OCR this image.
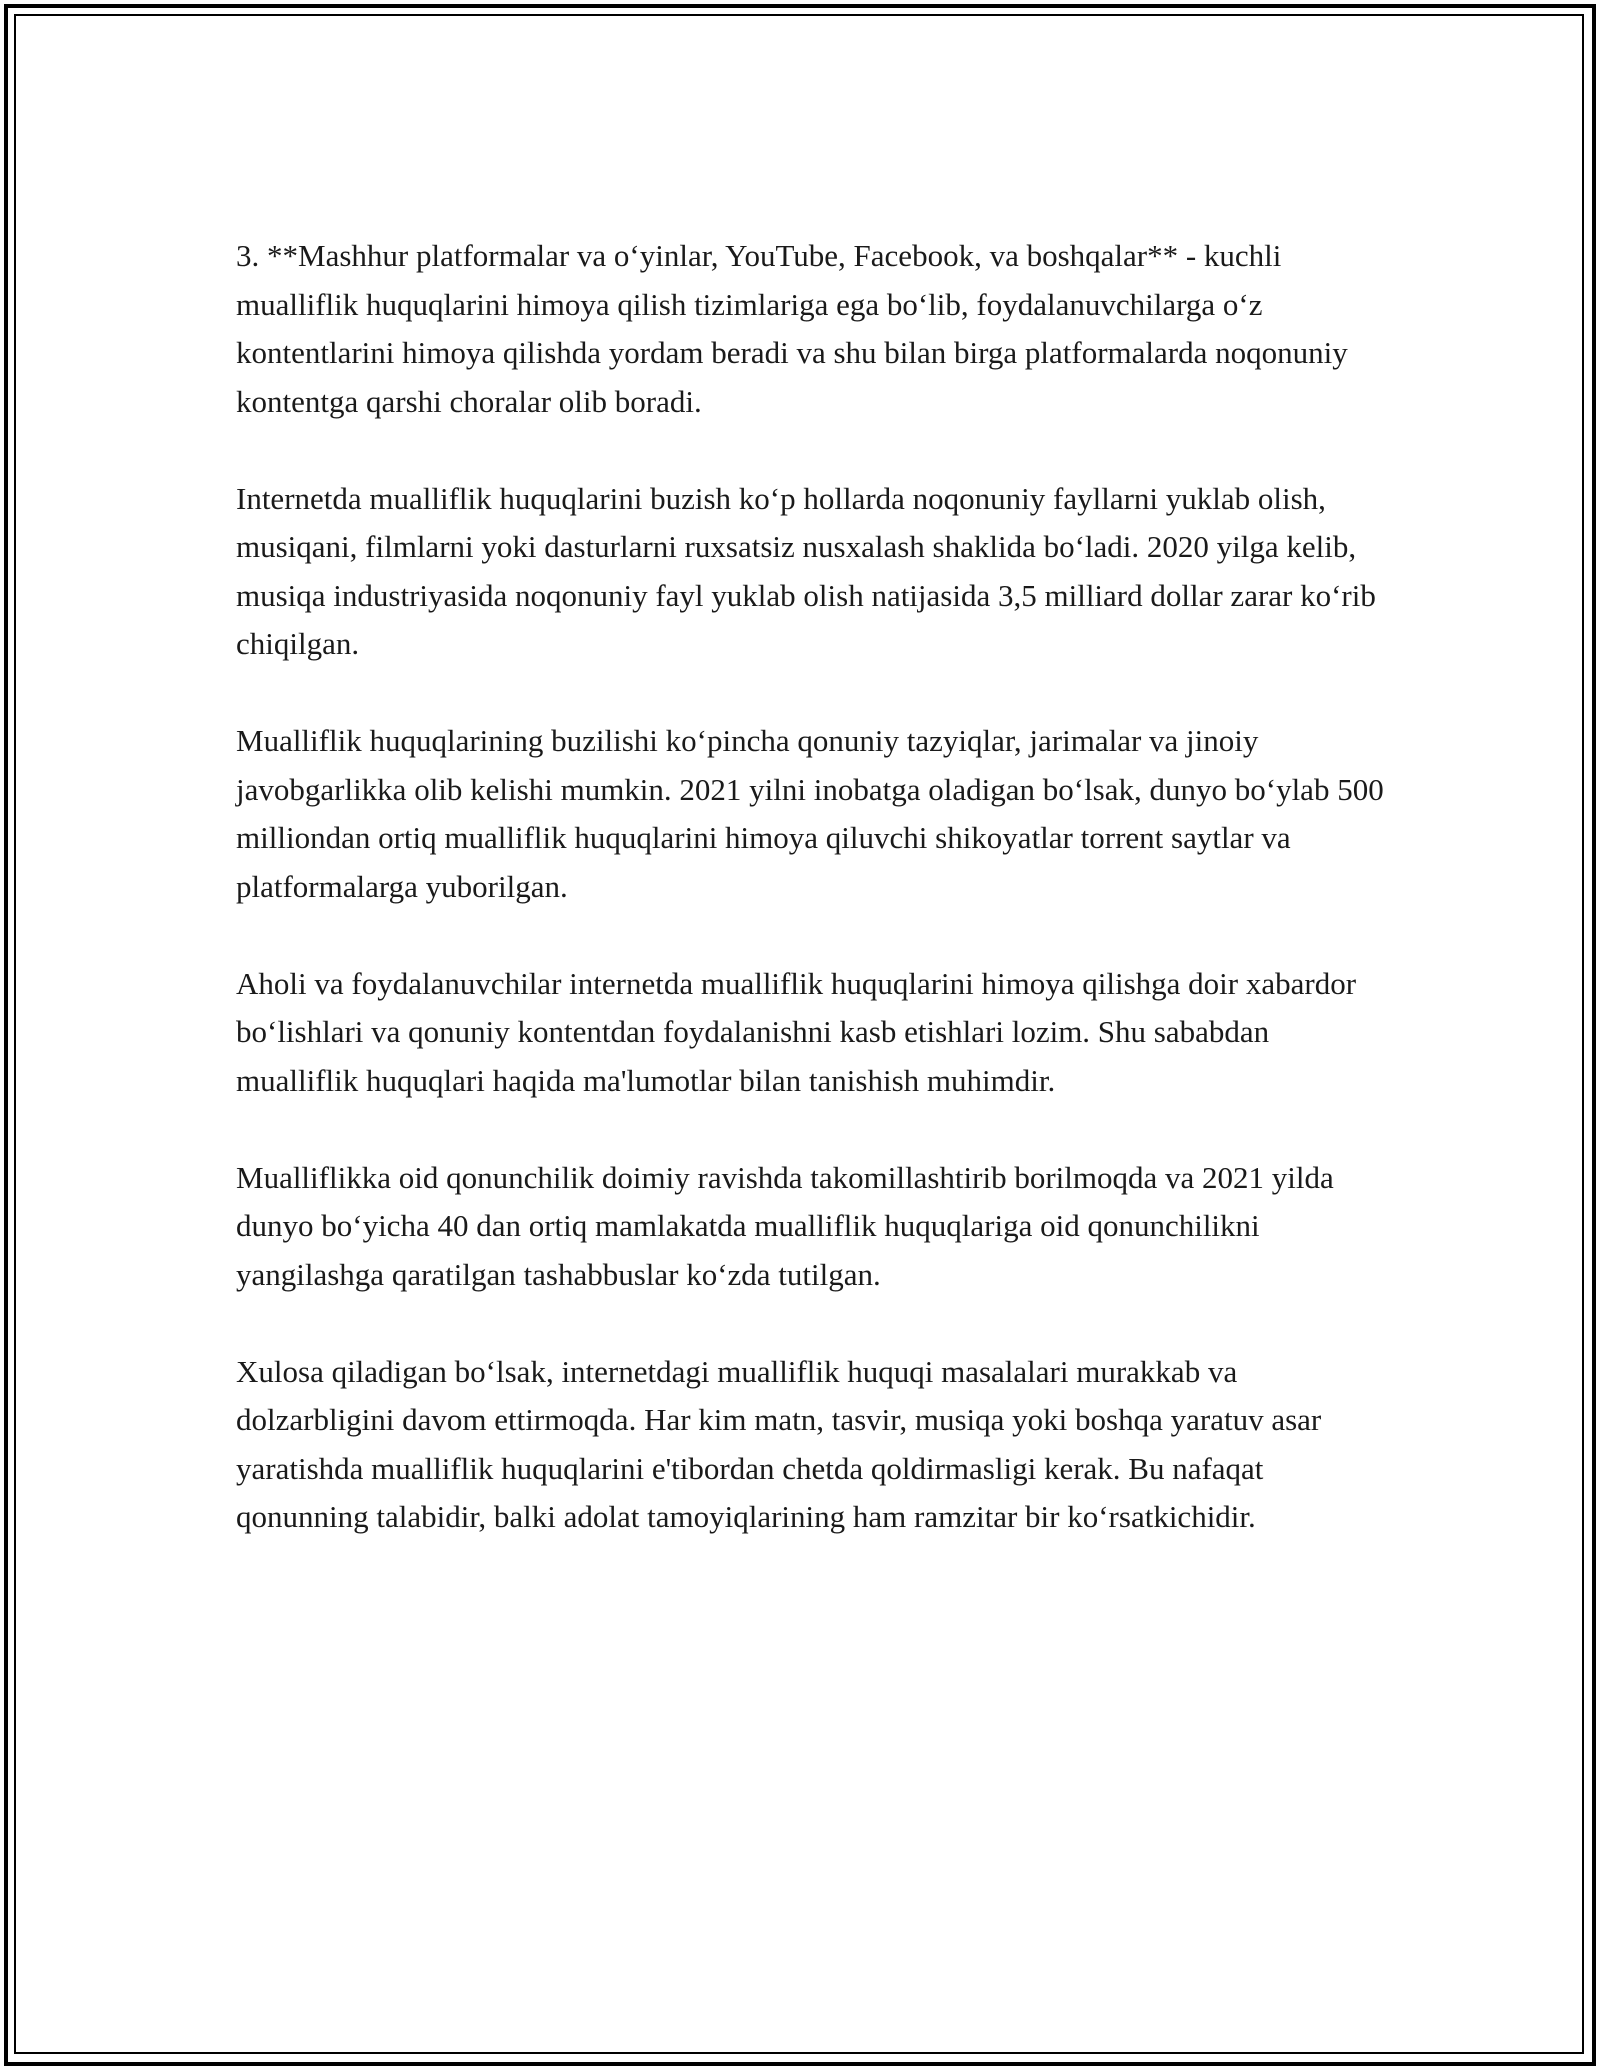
3. **Mashhur platformalar va o‘yinlar, YouTube, Facebook, va boshqalar** - kuchli mualliflik huquqlarini himoya qilish tizimlariga ega bo‘lib, foydalanuvchilarga o‘z kontentlarini himoya qilishda yordam beradi va shu bilan birga platformalarda noqonuniy kontentga qarshi choralar olib boradi.

Internetda mualliflik huquqlarini buzish ko‘p hollarda noqonuniy fayllarni yuklab olish, musiqani, filmlarni yoki dasturlarni ruxsatsiz nusxalash shaklida bo‘ladi. 2020 yilga kelib, musiqa industriyasida noqonuniy fayl yuklab olish natijasida 3,5 milliard dollar zarar ko‘rib chiqilgan.

Mualliflik huquqlarining buzilishi ko‘pincha qonuniy tazyiqlar, jarimalar va jinoiy javobgarlikka olib kelishi mumkin. 2021 yilni inobatga oladigan bo‘lsak, dunyo bo‘ylab 500 milliondan ortiq mualliflik huquqlarini himoya qiluvchi shikoyatlar torrent saytlar va platformalarga yuborilgan.

Aholi va foydalanuvchilar internetda mualliflik huquqlarini himoya qilishga doir xabardor bo‘lishlari va qonuniy kontentdan foydalanishni kasb etishlari lozim. Shu sababdan mualliflik huquqlari haqida ma'lumotlar bilan tanishish muhimdir.

Mualliflikka oid qonunchilik doimiy ravishda takomillashtirib borilmoqda va 2021 yilda dunyo bo‘yicha 40 dan ortiq mamlakatda mualliflik huquqlariga oid qonunchilikni yangilashga qaratilgan tashabbuslar ko‘zda tutilgan.

Xulosa qiladigan bo‘lsak, internetdagi mualliflik huquqi masalalari murakkab va dolzarbligini davom ettirmoqda. Har kim matn, tasvir, musiqa yoki boshqa yaratuv asar yaratishda mualliflik huquqlarini e'tibordan chetda qoldirmasligi kerak. Bu nafaqat qonunning talabidir, balki adolat tamoyiqlarining ham ramzitar bir ko‘rsatkichidir.
